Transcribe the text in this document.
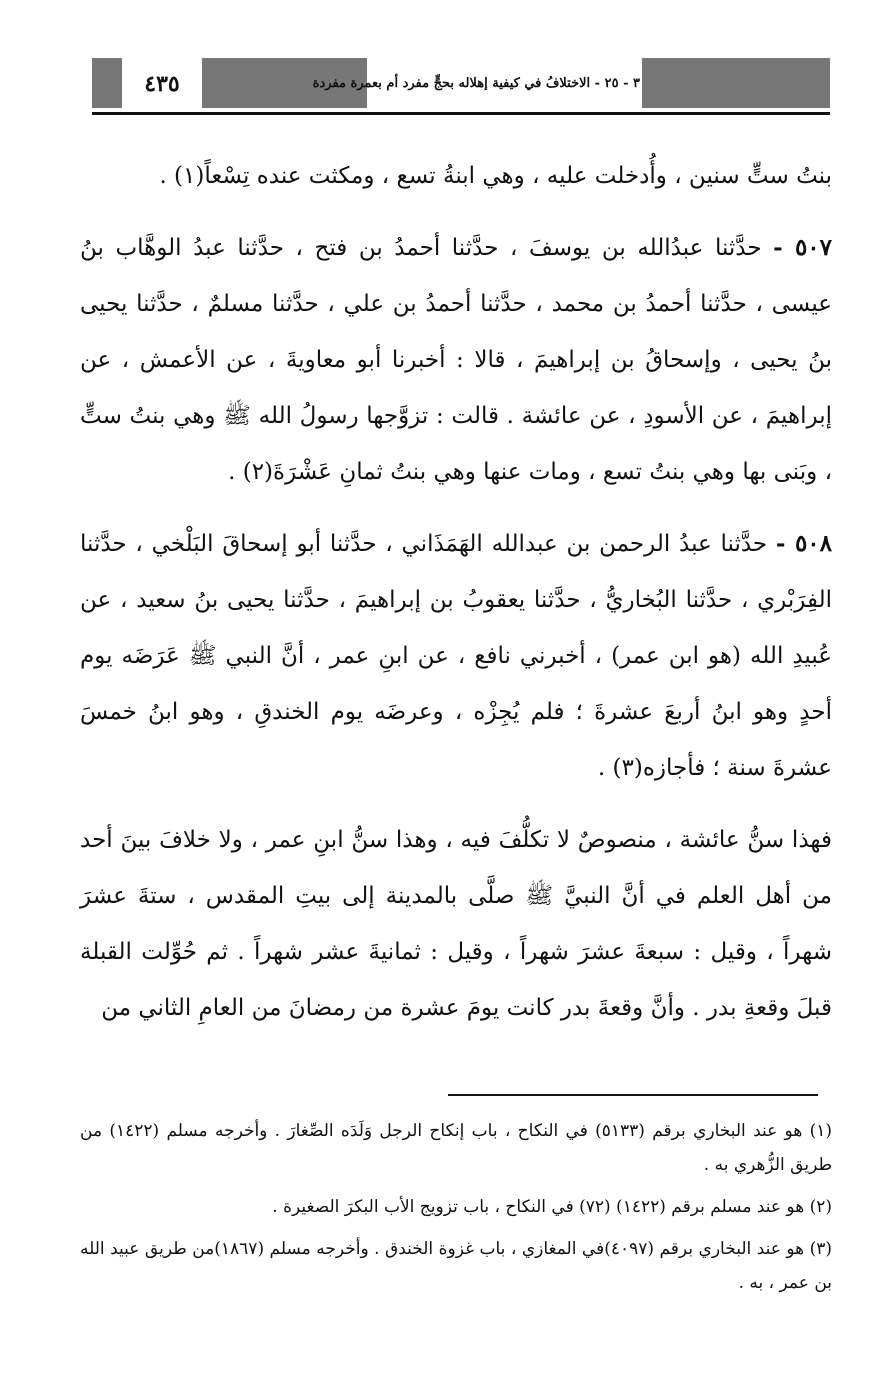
٤٣٥	٣ - ٢٥ - الاختلافُ في كيفية إهلاله بحجٍّ مفرد أم بعمرة مفردة

بنتُ ستٍّ سنين ، وأُدخلت عليه ، وهي ابنةُ تسع ، ومكثت عنده تِسْعاً(١) .

٥٠٧ - حدَّثنا عبدُالله بن يوسفَ ، حدَّثنا أحمدُ بن فتح ، حدَّثنا عبدُ الوهَّاب بنُ عيسى ، حدَّثنا أحمدُ بن محمد ، حدَّثنا أحمدُ بن علي ، حدَّثنا مسلمٌ ، حدَّثنا يحيى بنُ يحيى ، وإسحاقُ بن إبراهيمَ ، قالا : أخبرنا أبو معاويةَ ، عن الأعمش ، عن إبراهيمَ ، عن الأسودِ ، عن عائشة . قالت : تزوَّجها رسولُ الله ﷺ وهي بنتُ ستٍّ ، وبَنى بها وهي بنتُ تسع ، ومات عنها وهي بنتُ ثمانِ عَشْرَةَ(٢) .

٥٠٨ - حدَّثنا عبدُ الرحمن بن عبدالله الهَمَذَاني ، حدَّثنا أبو إسحاقَ البَلْخي ، حدَّثنا الفِرَبْري ، حدَّثنا البُخاريُّ ، حدَّثنا يعقوبُ بن إبراهيمَ ، حدَّثنا يحيى بنُ سعيد ، عن عُبيدِ الله (هو ابن عمر) ، أخبرني نافع ، عن ابنِ عمر ، أنَّ النبي ﷺ عَرَضَه يوم أحدٍ وهو ابنُ أربعَ عشرةَ ؛ فلم يُجِزْه ، وعرضَه يوم الخندقِ ، وهو ابنُ خمسَ عشرةَ سنة ؛ فأجازه(٣) .

فهذا سنُّ عائشة ، منصوصٌ لا تكلُّفَ فيه ، وهذا سنُّ ابنِ عمر ، ولا خلافَ بينَ أحد من أهل العلم في أنَّ النبيَّ ﷺ صلَّى بالمدينة إلى بيتِ المقدس ، ستةَ عشرَ شهراً ، وقيل : سبعةَ عشرَ شهراً ، وقيل : ثمانيةَ عشر شهراً . ثم حُوِّلت القبلة قبلَ وقعةِ بدر . وأنَّ وقعةَ بدر كانت يومَ عشرة من رمضانَ من العامِ الثاني من

(١) هو عند البخاري برقم (٥١٣٣) في النكاح ، باب إنكاح الرجل وَلَدَه الصِّغارَ . وأخرجه مسلم (١٤٢٢) من طريق الزُّهري به .

(٢) هو عند مسلم برقم (١٤٢٢) (٧٢) في النكاح ، باب تزويج الأب البكرَ الصغيرة .

(٣) هو عند البخاري برقم (٤٠٩٧)في المغازي ، باب غزوة الخندق . وأخرجه مسلم (١٨٦٧)من طريق عبيد الله بن عمر ، به .
